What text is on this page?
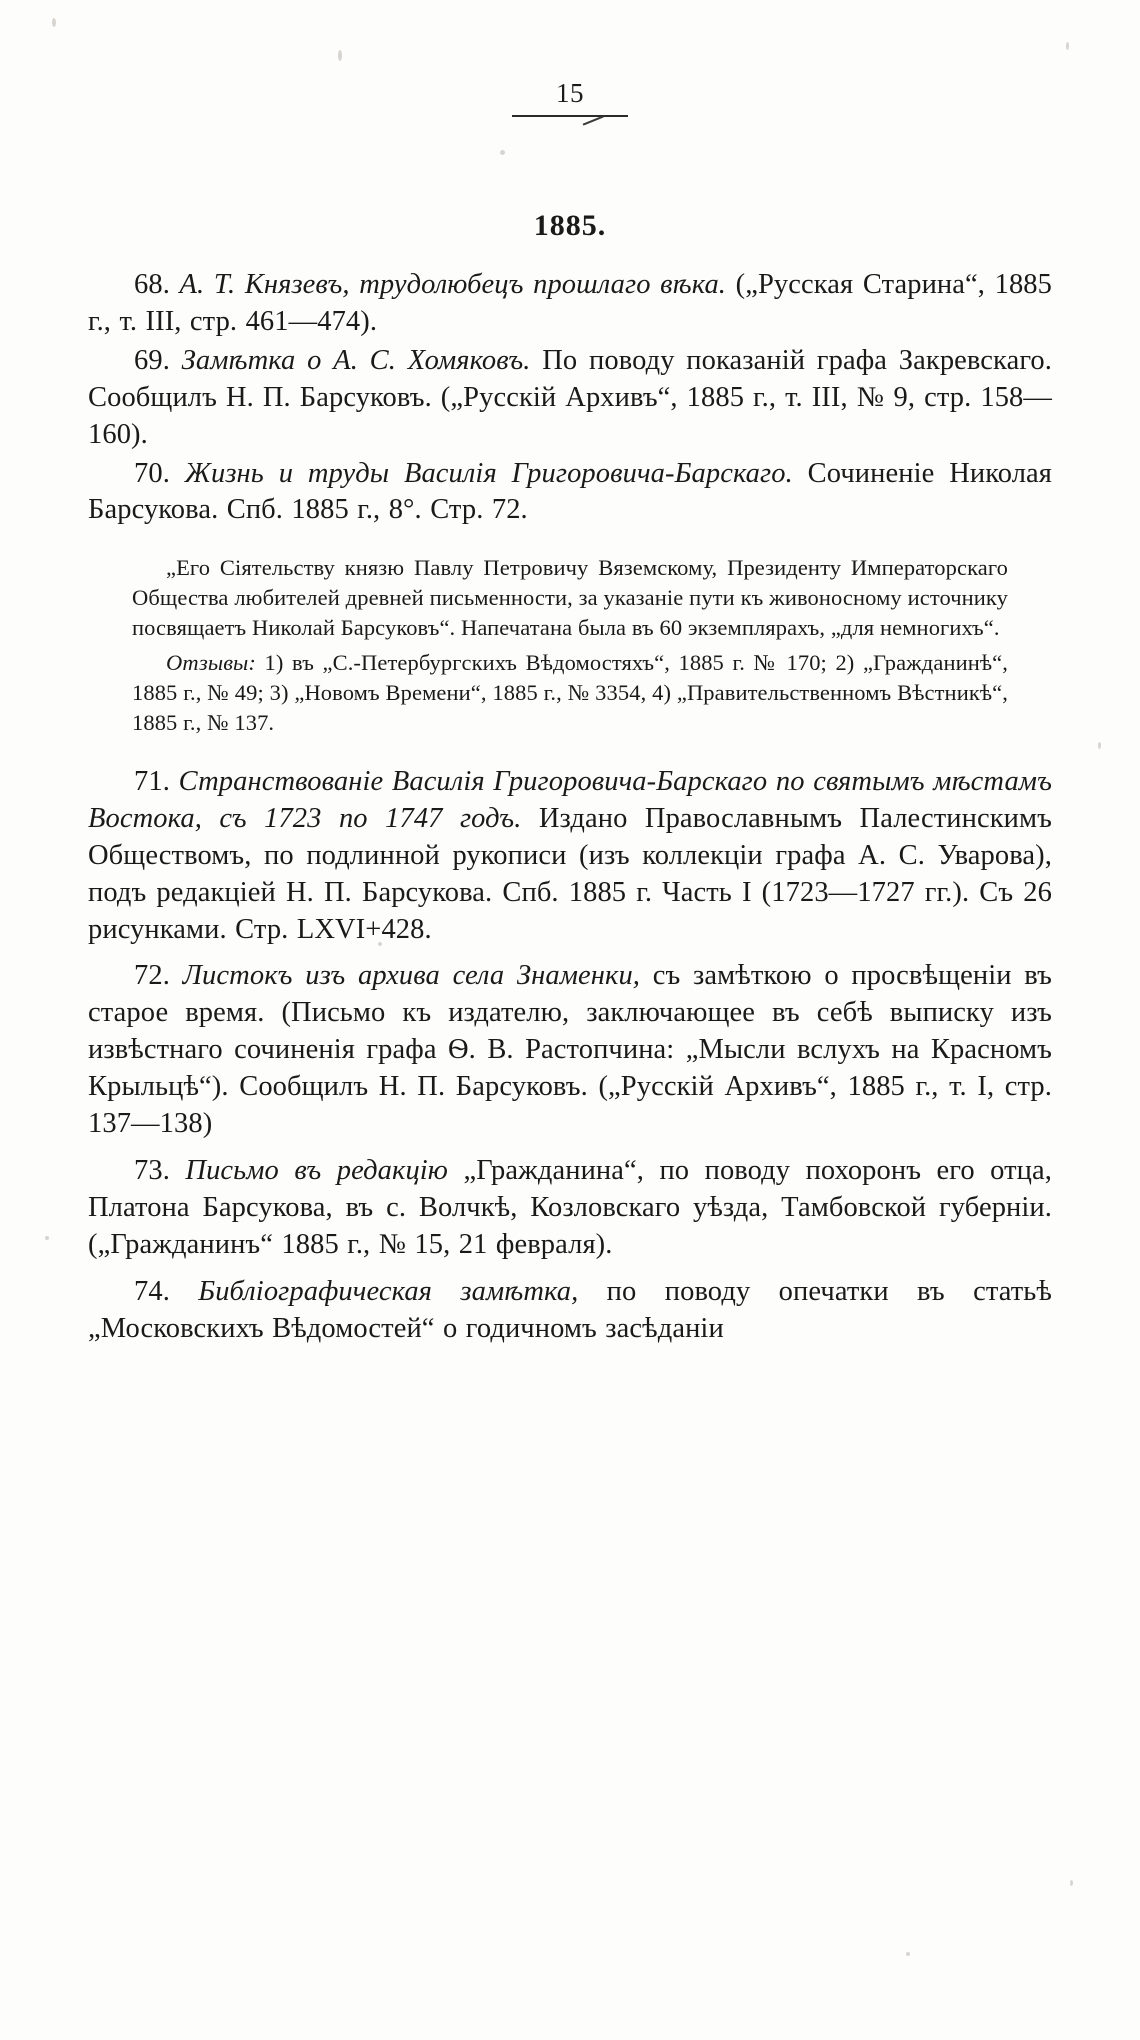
15
1885.

68. А. Т. Князевъ, трудолюбецъ прошлаго вѣка. („Русская Старина“, 1885 г., т. III, стр. 461—474).

69. Замѣтка о А. С. Хомяковъ. По поводу показаній графа Закревскаго. Сообщилъ Н. П. Барсуковъ. („Русскій Архивъ“, 1885 г., т. III, № 9, стр. 158—160).

70. Жизнь и труды Василія Григоровича-Барскаго. Сочиненіе Николая Барсукова. Спб. 1885 г., 8°. Стр. 72.

„Его Сіятельству князю Павлу Петровичу Вяземскому, Президенту Императорскаго Общества любителей древней письменности, за указаніе пути къ живоносному источнику посвящаетъ Николай Барсуковъ“. Напечатана была въ 60 экземплярахъ, „для немногихъ“.

Отзывы: 1) въ „С.-Петербургскихъ Вѣдомостяхъ“, 1885 г. № 170; 2) „Гражданинѣ“, 1885 г., № 49; 3) „Новомъ Времени“, 1885 г., № 3354, 4) „Правительственномъ Вѣстникѣ“, 1885 г., № 137.

71. Странствованіе Василія Григоровича-Барскаго по святымъ мѣстамъ Востока, съ 1723 по 1747 годъ. Издано Православнымъ Палестинскимъ Обществомъ, по подлинной рукописи (изъ коллекціи графа А. С. Уварова), подъ редакціей Н. П. Барсукова. Спб. 1885 г. Часть I (1723—1727 гг.). Съ 26 рисунками. Стр. LXVI+428.

72. Листокъ изъ архива села Знаменки, съ замѣткою о просвѣщеніи въ старое время. (Письмо къ издателю, заключающее въ себѣ выписку изъ извѣстнаго сочиненія графа Ѳ. В. Растопчина: „Мысли вслухъ на Красномъ Крыльцѣ“). Сообщилъ Н. П. Барсуковъ. („Русскій Архивъ“, 1885 г., т. I, стр. 137—138)

73. Письмо въ редакцію „Гражданина“, по поводу похоронъ его отца, Платона Барсукова, въ с. Волчкѣ, Козловскаго уѣзда, Тамбовской губерніи. („Гражданинъ“ 1885 г., № 15, 21 февраля).

74. Библіографическая замѣтка, по поводу опечатки въ статьѣ „Московскихъ Вѣдомостей“ о годичномъ засѣданіи
